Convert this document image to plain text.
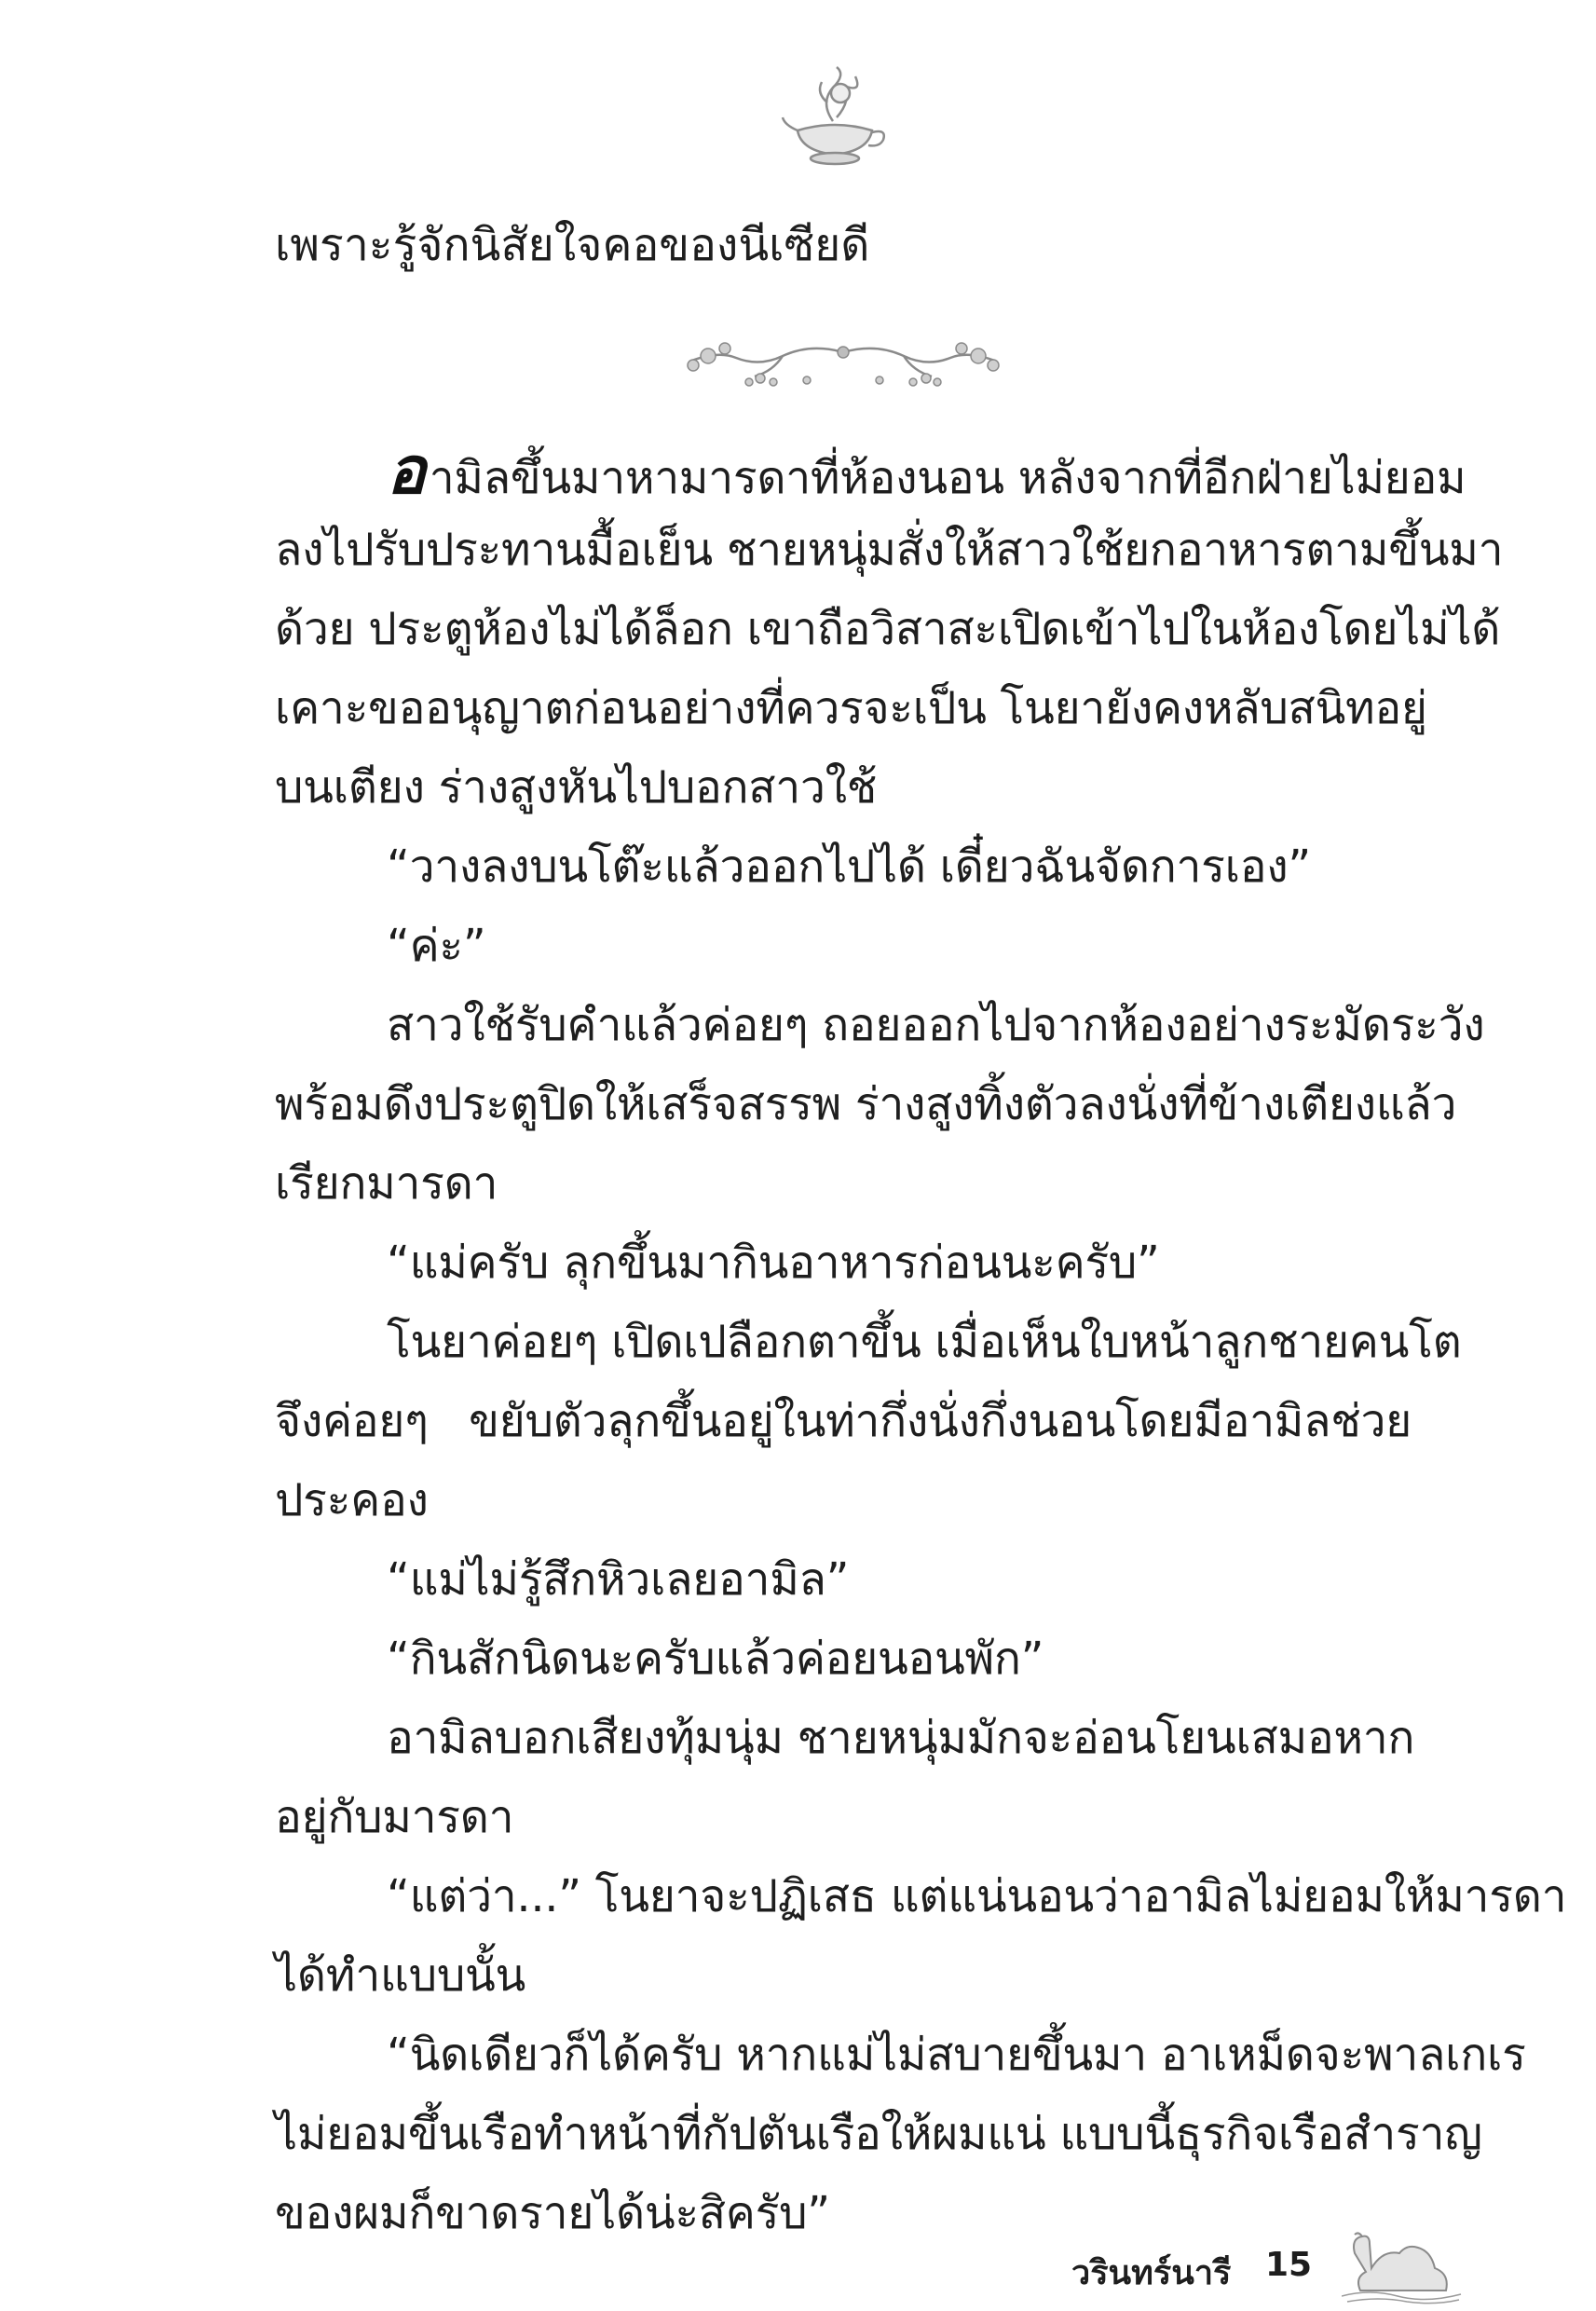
เพราะรู้จักนิสัยใจคอของนีเซียดี
อามิลขึ้นมาหามารดาที่ห้องนอน หลังจากที่อีกฝ่ายไม่ยอม
ลงไปรับประทานมื้อเย็น ชายหนุ่มสั่งให้สาวใช้ยกอาหารตามขึ้นมา
ด้วย ประตูห้องไม่ได้ล็อก เขาถือวิสาสะเปิดเข้าไปในห้องโดยไม่ได้
เคาะขออนุญาตก่อนอย่างที่ควรจะเป็น โนยายังคงหลับสนิทอยู่
บนเตียง ร่างสูงหันไปบอกสาวใช้
“วางลงบนโต๊ะแล้วออกไปได้ เดี๋ยวฉันจัดการเอง”
“ค่ะ”
สาวใช้รับคำแล้วค่อยๆ ถอยออกไปจากห้องอย่างระมัดระวัง
พร้อมดึงประตูปิดให้เสร็จสรรพ ร่างสูงทิ้งตัวลงนั่งที่ข้างเตียงแล้ว
เรียกมารดา
“แม่ครับ ลุกขึ้นมากินอาหารก่อนนะครับ”
โนยาค่อยๆ เปิดเปลือกตาขึ้น เมื่อเห็นใบหน้าลูกชายคนโต
จึงค่อยๆ ขยับตัวลุกขึ้นอยู่ในท่ากึ่งนั่งกึ่งนอนโดยมีอามิลช่วย
ประคอง
“แม่ไม่รู้สึกหิวเลยอามิล”
“กินสักนิดนะครับแล้วค่อยนอนพัก”
อามิลบอกเสียงทุ้มนุ่ม ชายหนุ่มมักจะอ่อนโยนเสมอหาก
อยู่กับมารดา
“แต่ว่า...” โนยาจะปฏิเสธ แต่แน่นอนว่าอามิลไม่ยอมให้มารดา
ได้ทำแบบนั้น
“นิดเดียวก็ได้ครับ หากแม่ไม่สบายขึ้นมา อาเหม็ดจะพาลเกเร
ไม่ยอมขึ้นเรือทำหน้าที่กัปตันเรือให้ผมแน่ แบบนี้ธุรกิจเรือสำราญ
ของผมก็ขาดรายได้น่ะสิครับ”
วรินทร์นารี 15
